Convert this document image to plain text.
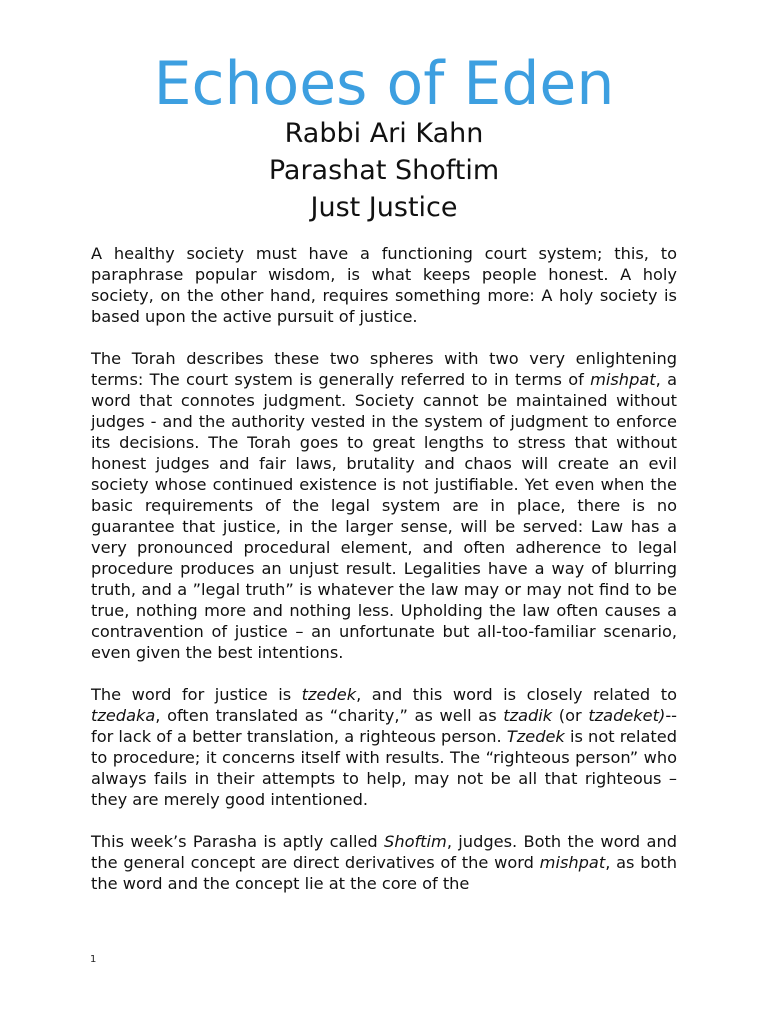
Echoes of Eden
Rabbi Ari Kahn
Parashat Shoftim
Just Justice

A healthy society must have a functioning court system; this, to paraphrase popular wisdom, is what keeps people honest. A holy society, on the other hand, requires something more: A holy society is based upon the active pursuit of justice.

The Torah describes these two spheres with two very enlightening terms: The court system is generally referred to in terms of mishpat, a word that connotes judgment. Society cannot be maintained without judges - and the authority vested in the system of judgment to enforce its decisions. The Torah goes to great lengths to stress that without honest judges and fair laws, brutality and chaos will create an evil society whose continued existence is not justifiable. Yet even when the basic requirements of the legal system are in place, there is no guarantee that justice, in the larger sense, will be served: Law has a very pronounced procedural element, and often adherence to legal procedure produces an unjust result. Legalities have a way of blurring truth, and a ”legal truth” is whatever the law may or may not find to be true, nothing more and nothing less. Upholding the law often causes a contravention of justice – an unfortunate but all-too-familiar scenario, even given the best intentions.

The word for justice is tzedek, and this word is closely related to tzedaka, often translated as “charity,” as well as tzadik (or tzadeket)-- for lack of a better translation, a righteous person. Tzedek is not related to procedure; it concerns itself with results. The “righteous person” who always fails in their attempts to help, may not be all that righteous – they are merely good intentioned.

This week’s Parasha is aptly called Shoftim, judges. Both the word and the general concept are direct derivatives of the word mishpat, as both the word and the concept lie at the core of the

1
